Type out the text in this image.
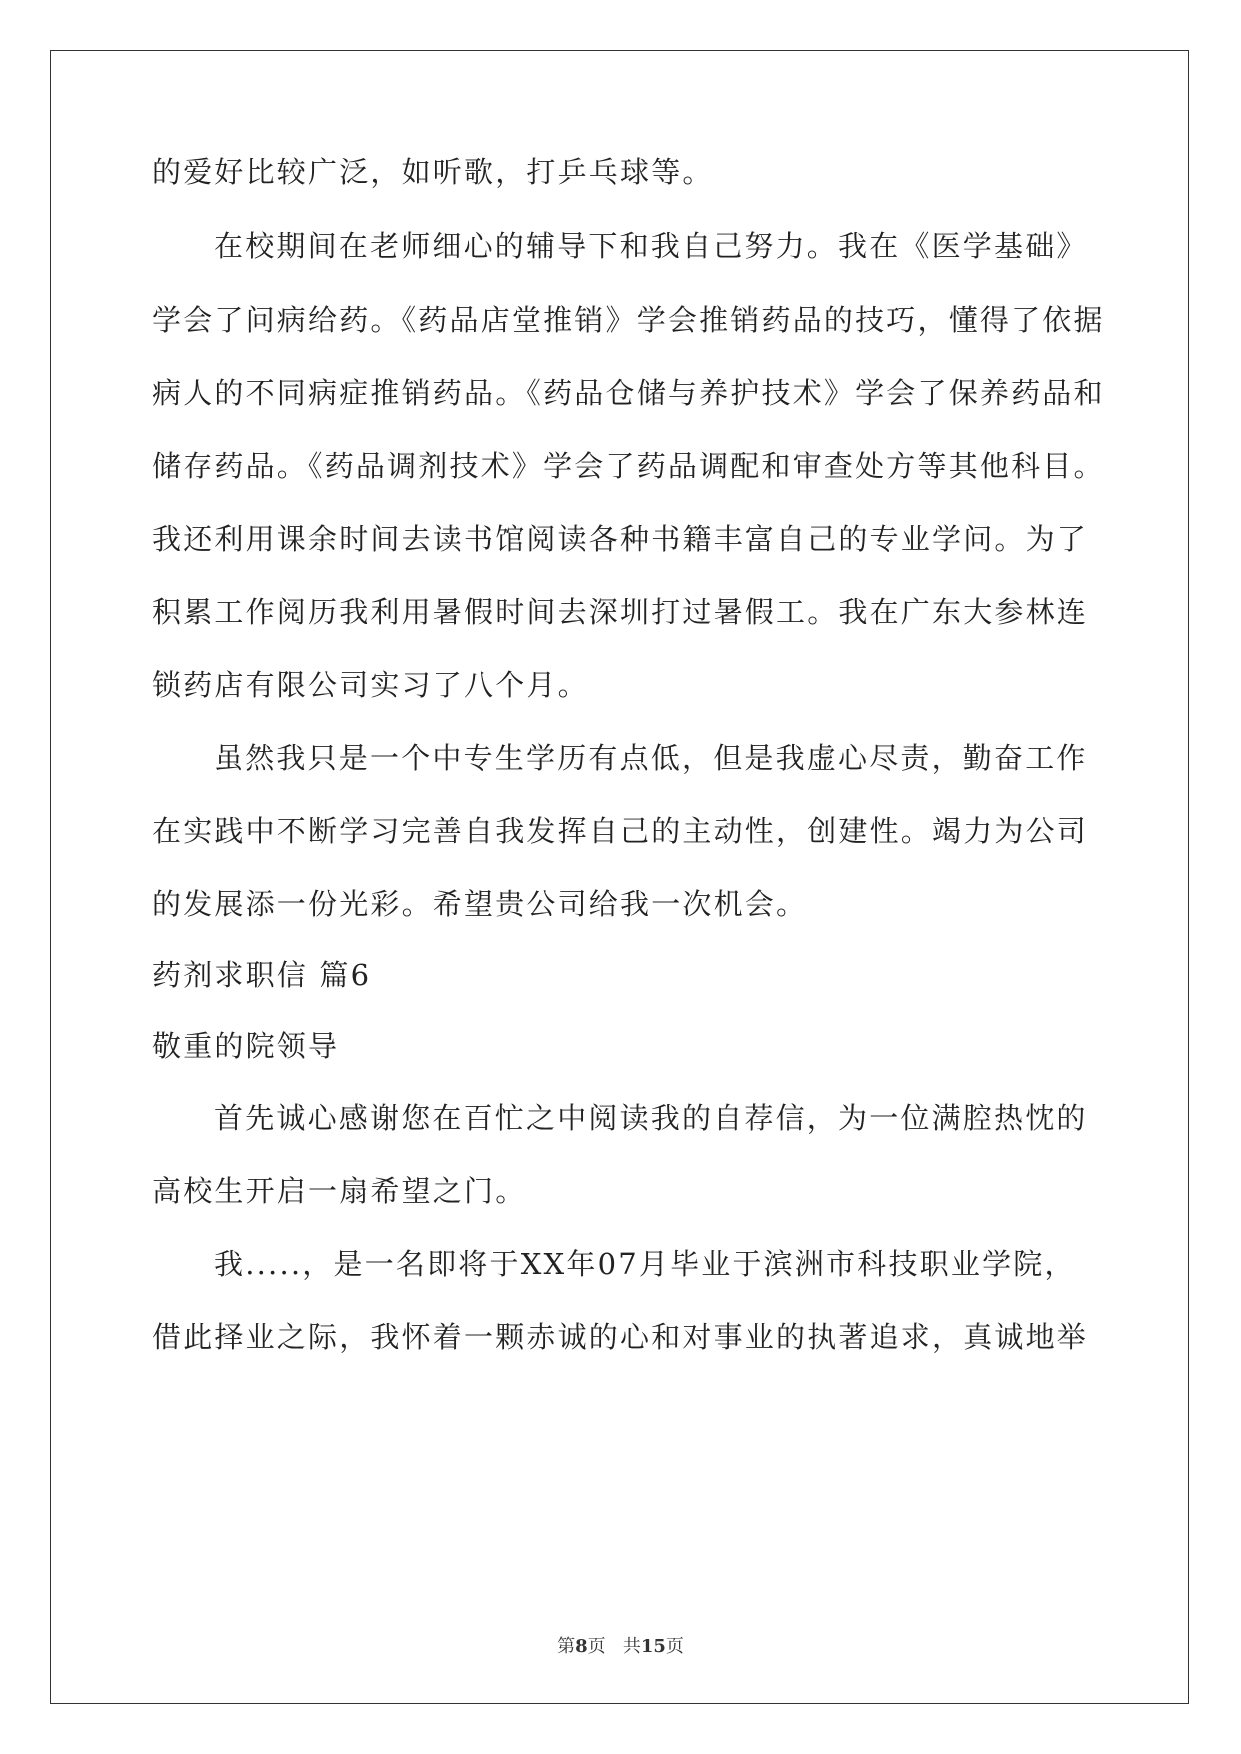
的爱好比较广泛，如听歌，打乒乓球等。

在校期间在老师细心的辅导下和我自己努力。我在《医学基础》

学会了问病给药。《药品店堂推销》学会推销药品的技巧，懂得了依据

病人的不同病症推销药品。《药品仓储与养护技术》学会了保养药品和

储存药品。《药品调剂技术》学会了药品调配和审查处方等其他科目。

我还利用课余时间去读书馆阅读各种书籍丰富自己的专业学问。为了

积累工作阅历我利用暑假时间去深圳打过暑假工。我在广东大参林连

锁药店有限公司实习了八个月。

虽然我只是一个中专生学历有点低，但是我虚心尽责，勤奋工作

在实践中不断学习完善自我发挥自己的主动性，创建性。竭力为公司

的发展添一份光彩。希望贵公司给我一次机会。

药剂求职信 篇6

敬重的院领导

首先诚心感谢您在百忙之中阅读我的自荐信，为一位满腔热忱的

高校生开启一扇希望之门。

我.....，是一名即将于XX年07月毕业于滨洲市科技职业学院，

借此择业之际，我怀着一颗赤诚的心和对事业的执著追求，真诚地举

第8页 共15页
